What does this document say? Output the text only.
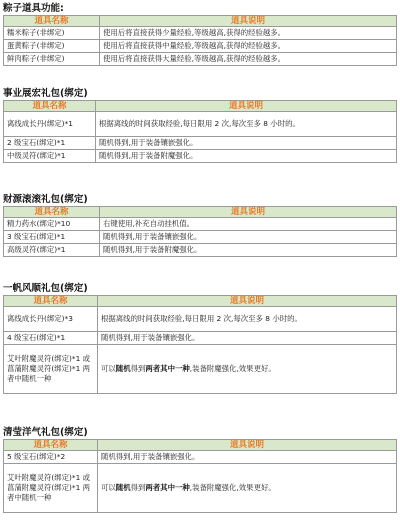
粽子道具功能:
道具名称	道具说明
糯米粽子(非绑定)	使用后将直接获得少量经验,等级越高,获得的经验越多。
蛋黄粽子(非绑定)	使用后将直接获得中量经验,等级越高,获得的经验越多。
鲜肉粽子(非绑定)	使用后将直接获得大量经验,等级越高,获得的经验越多。
事业展宏礼包(绑定)
道具名称	道具说明
离线成长丹(绑定)*1	根据离线的时间获取经验,每日限用 2 次,每次至多 8 小时的。
2 级宝石(绑定)*1	随机得到,用于装备镶嵌强化。
中级灵符(绑定)*1	随机得到,用于装备附魔强化。
财源滚滚礼包(绑定)
道具名称	道具说明
精力药水(绑定)*10	右键使用,补充自动挂机值。
3 级宝石(绑定)*1	随机得到,用于装备镶嵌强化。
高级灵符(绑定)*1	随机得到,用于装备附魔强化。
一帆风顺礼包(绑定)
道具名称	道具说明
离线成长丹(绑定)*3	根据离线的时间获取经验,每日限用 2 次,每次至多 8 小时的。
4 级宝石(绑定)*1	随机得到,用于装备镶嵌强化。
艾叶附魔灵符(绑定)*1 或菖蒲附魔灵符(绑定)*1 两者中随机一种	可以随机得到两者其中一种,装备附魔强化,效果更好。
清莹洋气礼包(绑定)
道具名称	道具说明
5 级宝石(绑定)*2	随机得到,用于装备镶嵌强化。
艾叶附魔灵符(绑定)*1 或菖蒲附魔灵符(绑定)*1 两者中随机一种	可以随机得到两者其中一种,装备附魔强化,效果更好。
